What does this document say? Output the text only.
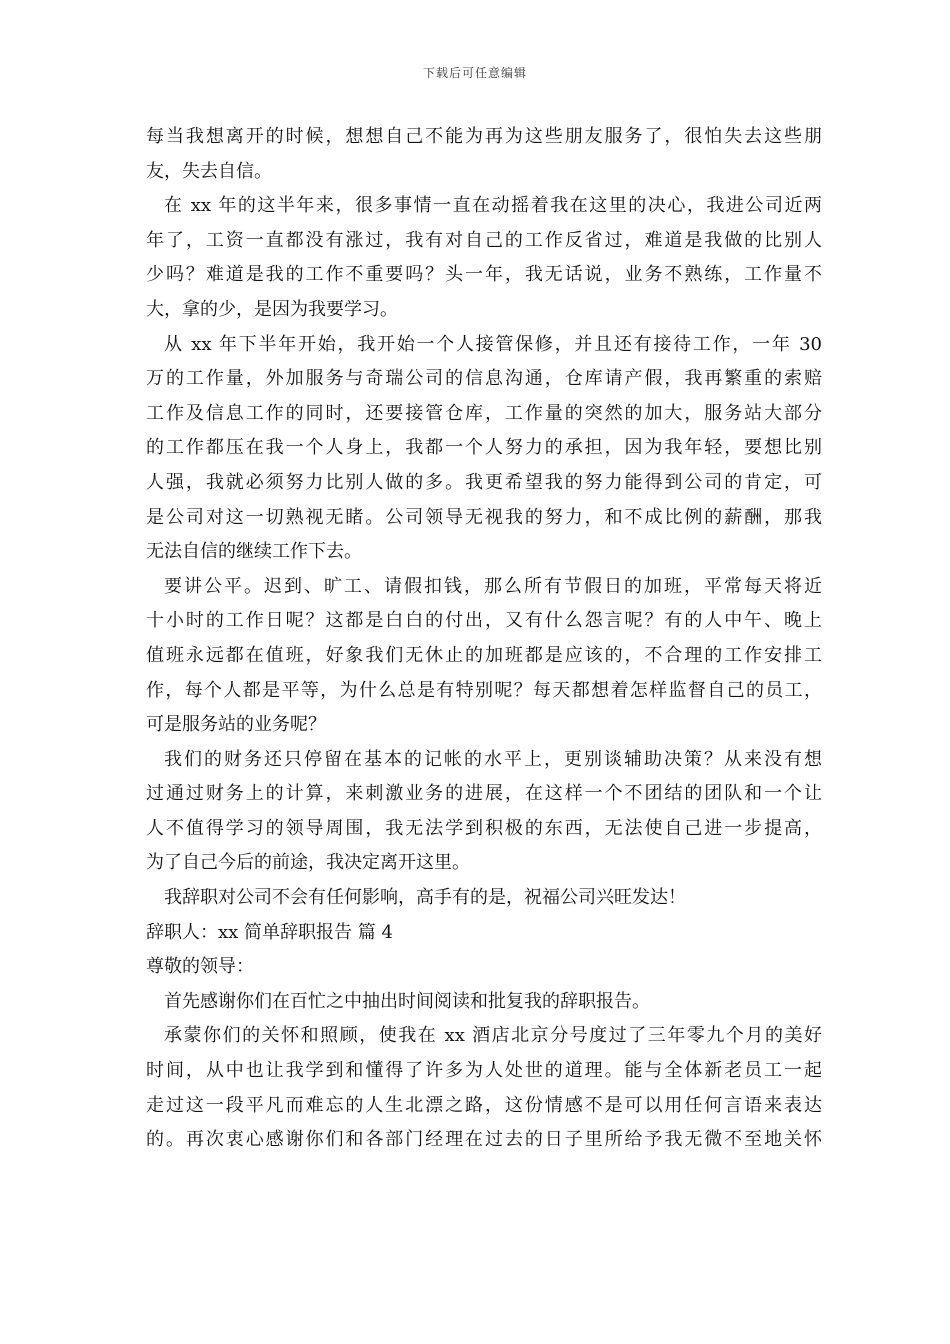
下载后可任意编辑
每当我想离开的时候，想想自己不能为再为这些朋友服务了，很怕失去这些朋
友，失去自信。
在 xx 年的这半年来，很多事情一直在动摇着我在这里的决心，我进公司近两
年了，工资一直都没有涨过，我有对自己的工作反省过，难道是我做的比别人
少吗？难道是我的工作不重要吗？头一年，我无话说，业务不熟练，工作量不
大，拿的少，是因为我要学习。
从 xx 年下半年开始，我开始一个人接管保修，并且还有接待工作，一年 30
万的工作量，外加服务与奇瑞公司的信息沟通，仓库请产假，我再繁重的索赔
工作及信息工作的同时，还要接管仓库，工作量的突然的加大，服务站大部分
的工作都压在我一个人身上，我都一个人努力的承担，因为我年轻，要想比别
人强，我就必须努力比别人做的多。我更希望我的努力能得到公司的肯定，可
是公司对这一切熟视无睹。公司领导无视我的努力，和不成比例的薪酬，那我
无法自信的继续工作下去。
要讲公平。迟到、旷工、请假扣钱，那么所有节假日的加班，平常每天将近
十小时的工作日呢？这都是白白的付出，又有什么怨言呢？有的人中午、晚上
值班永远都在值班，好象我们无休止的加班都是应该的，不合理的工作安排工
作，每个人都是平等，为什么总是有特别呢？每天都想着怎样监督自己的员工，
可是服务站的业务呢？
我们的财务还只停留在基本的记帐的水平上，更别谈辅助决策？从来没有想
过通过财务上的计算，来刺激业务的进展，在这样一个不团结的团队和一个让
人不值得学习的领导周围，我无法学到积极的东西，无法使自己进一步提高，
为了自己今后的前途，我决定离开这里。
我辞职对公司不会有任何影响，高手有的是，祝福公司兴旺发达！
辞职人：xx 简单辞职报告 篇 4
尊敬的领导：
首先感谢你们在百忙之中抽出时间阅读和批复我的辞职报告。
承蒙你们的关怀和照顾，使我在 xx 酒店北京分号度过了三年零九个月的美好
时间，从中也让我学到和懂得了许多为人处世的道理。能与全体新老员工一起
走过这一段平凡而难忘的人生北漂之路，这份情感不是可以用任何言语来表达
的。再次衷心感谢你们和各部门经理在过去的日子里所给予我无微不至地关怀
